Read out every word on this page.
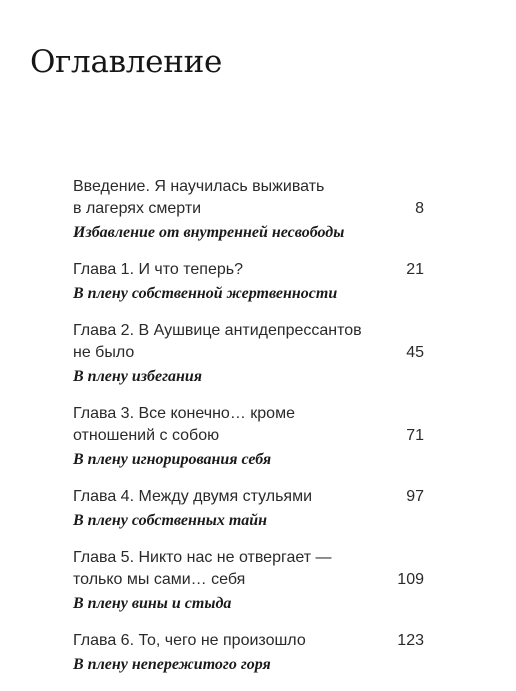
Оглавление
Введение. Я научилась выживать
в лагерях смерти	8
Избавление от внутренней несвободы
Глава 1. И что теперь?	21
В плену собственной жертвенности
Глава 2. В Аушвице антидепрессантов
не было	45
В плену избегания
Глава 3. Все конечно… кроме
отношений с собою	71
В плену игнорирования себя
Глава 4. Между двумя стульями	97
В плену собственных тайн
Глава 5. Никто нас не отвергает —
только мы сами… себя	109
В плену вины и стыда
Глава 6. То, чего не произошло	123
В плену непережитого горя
